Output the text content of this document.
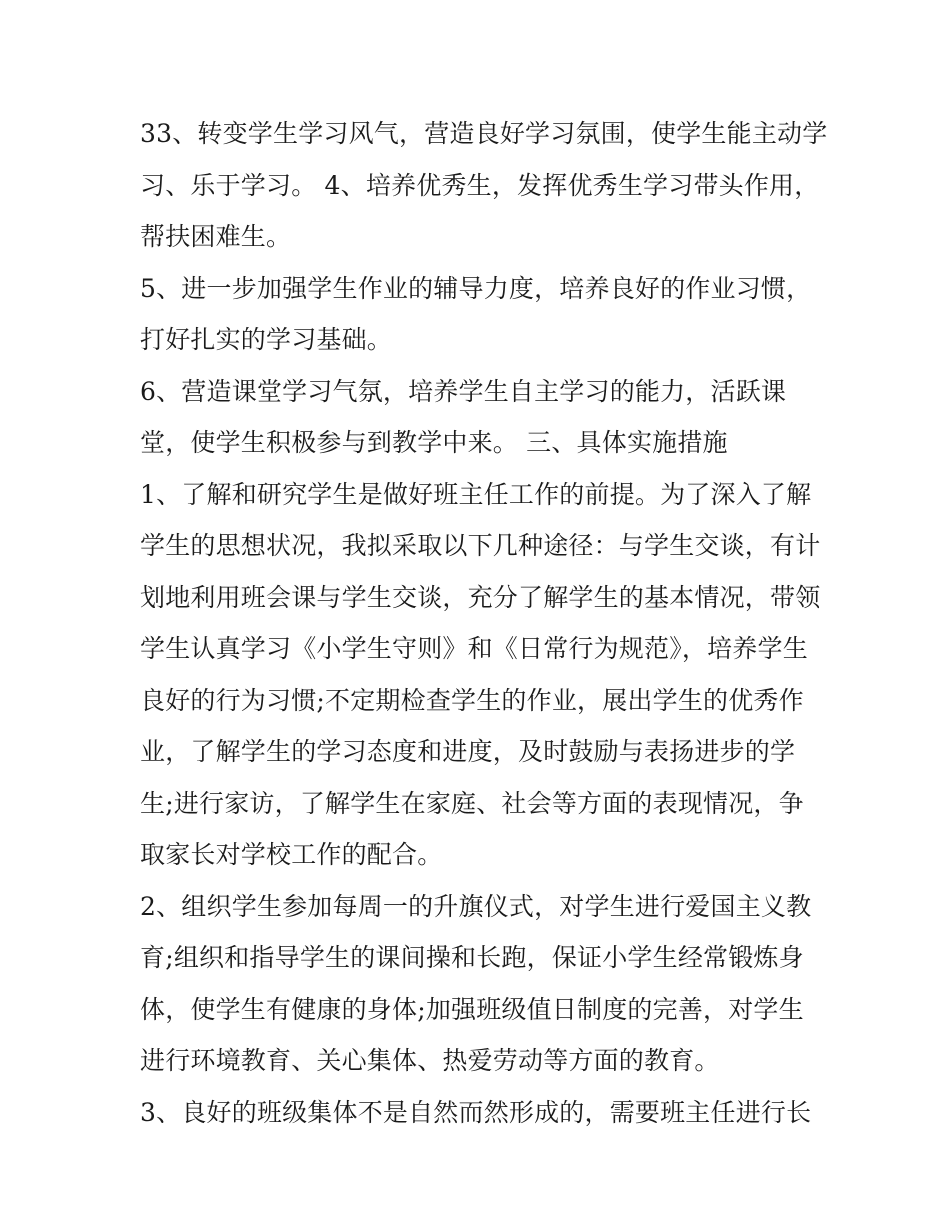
33、转变学生学习风气，营造良好学习氛围，使学生能主动学
习、乐于学习。 4、培养优秀生，发挥优秀生学习带头作用，
帮扶困难生。
5、进一步加强学生作业的辅导力度，培养良好的作业习惯，
打好扎实的学习基础。
6、营造课堂学习气氛，培养学生自主学习的能力，活跃课
堂，使学生积极参与到教学中来。 三、具体实施措施
1、了解和研究学生是做好班主任工作的前提。为了深入了解
学生的思想状况，我拟采取以下几种途径：与学生交谈，有计
划地利用班会课与学生交谈，充分了解学生的基本情况，带领
学生认真学习《小学生守则》和《日常行为规范》，培养学生
良好的行为习惯;不定期检查学生的作业，展出学生的优秀作
业，了解学生的学习态度和进度，及时鼓励与表扬进步的学
生;进行家访，了解学生在家庭、社会等方面的表现情况，争
取家长对学校工作的配合。
2、组织学生参加每周一的升旗仪式，对学生进行爱国主义教
育;组织和指导学生的课间操和长跑，保证小学生经常锻炼身
体，使学生有健康的身体;加强班级值日制度的完善，对学生
进行环境教育、关心集体、热爱劳动等方面的教育。
3、良好的班级集体不是自然而然形成的，需要班主任进行长
